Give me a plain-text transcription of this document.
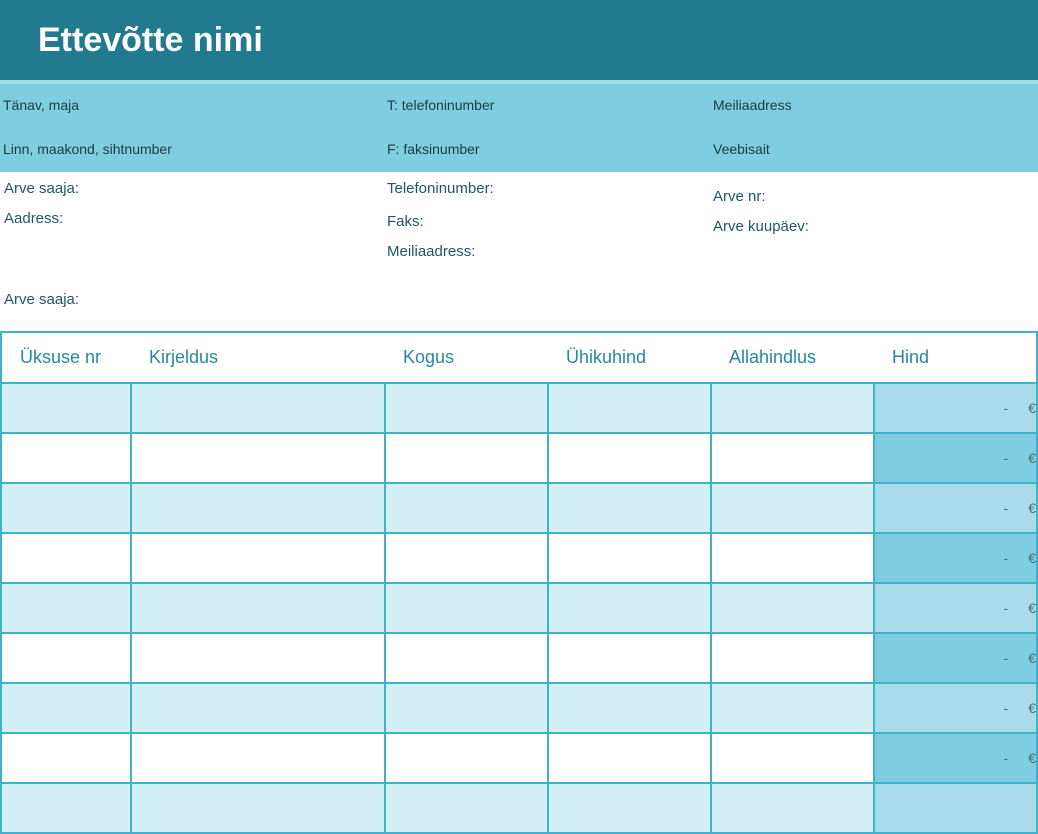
Ettevõtte nimi
Tänav, maja
Linn, maakond, sihtnumber
T: telefoninumber
F: faksinumber
Meiliaadress
Veebisait
Arve saaja:
Aadress:
Arve saaja:
Telefoninumber:
Faks:
Meiliaadress:
Arve nr:
Arve kuupäev:
Üksuse nr	Kirjeldus	Kogus	Ühikuhind	Allahindlus	Hind
					- €
					- €
					- €
					- €
					- €
					- €
					- €
					- €
